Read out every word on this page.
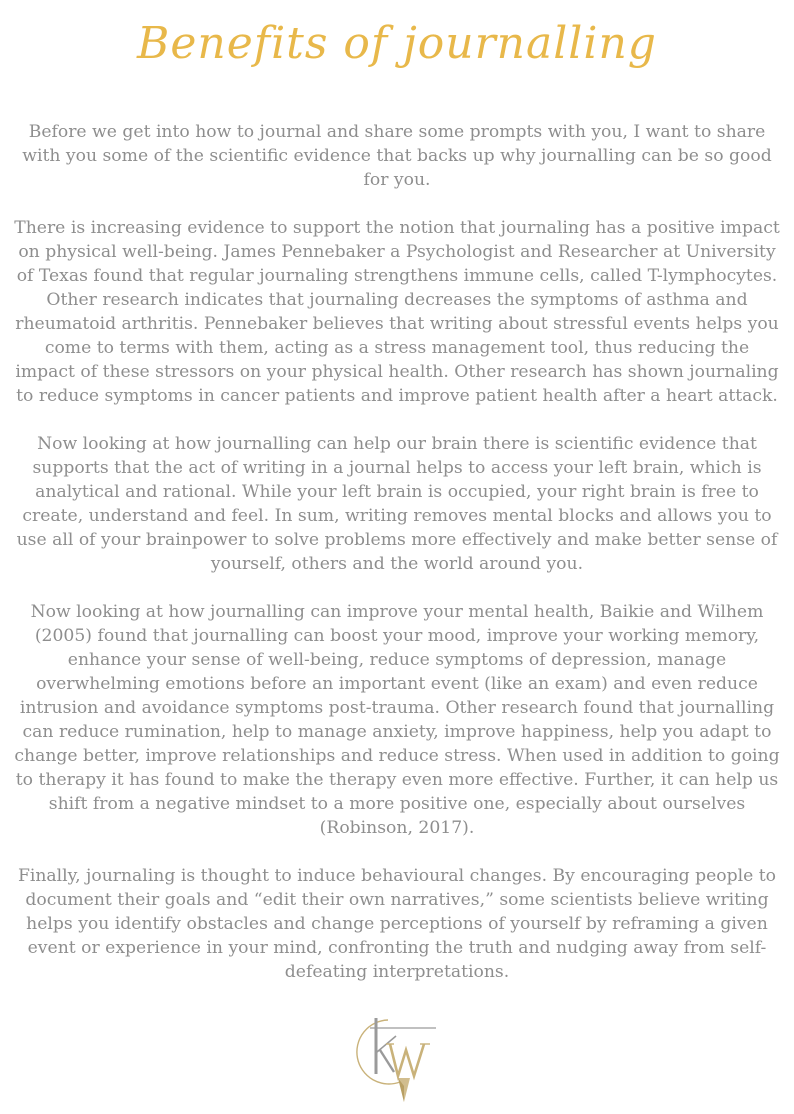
Benefits of journalling

Before we get into how to journal and share some prompts with you, I want to share with you some of the scientific evidence that backs up why journalling can be so good for you.

There is increasing evidence to support the notion that journaling has a positive impact on physical well-being. James Pennebaker a Psychologist and Researcher at University of Texas found that regular journaling strengthens immune cells, called T-lymphocytes. Other research indicates that journaling decreases the symptoms of asthma and rheumatoid arthritis. Pennebaker believes that writing about stressful events helps you come to terms with them, acting as a stress management tool, thus reducing the impact of these stressors on your physical health. Other research has shown journaling to reduce symptoms in cancer patients and improve patient health after a heart attack.

Now looking at how journalling can help our brain there is scientific evidence that supports that the act of writing in a journal helps to access your left brain, which is analytical and rational. While your left brain is occupied, your right brain is free to create, understand and feel. In sum, writing removes mental blocks and allows you to use all of your brainpower to solve problems more effectively and make better sense of yourself, others and the world around you.

Now looking at how journalling can improve your mental health, Baikie and Wilhem (2005) found that journalling can boost your mood, improve your working memory, enhance your sense of well-being, reduce symptoms of depression, manage overwhelming emotions before an important event (like an exam) and even reduce intrusion and avoidance symptoms post-trauma. Other research found that journalling can reduce rumination, help to manage anxiety, improve happiness, help you adapt to change better, improve relationships and reduce stress. When used in addition to going to therapy it has found to make the therapy even more effective. Further, it can help us shift from a negative mindset to a more positive one, especially about ourselves (Robinson, 2017).

Finally, journaling is thought to induce behavioural changes. By encouraging people to document their goals and “edit their own narratives,” some scientists believe writing helps you identify obstacles and change perceptions of yourself by reframing a given event or experience in your mind, confronting the truth and nudging away from self-defeating interpretations.
